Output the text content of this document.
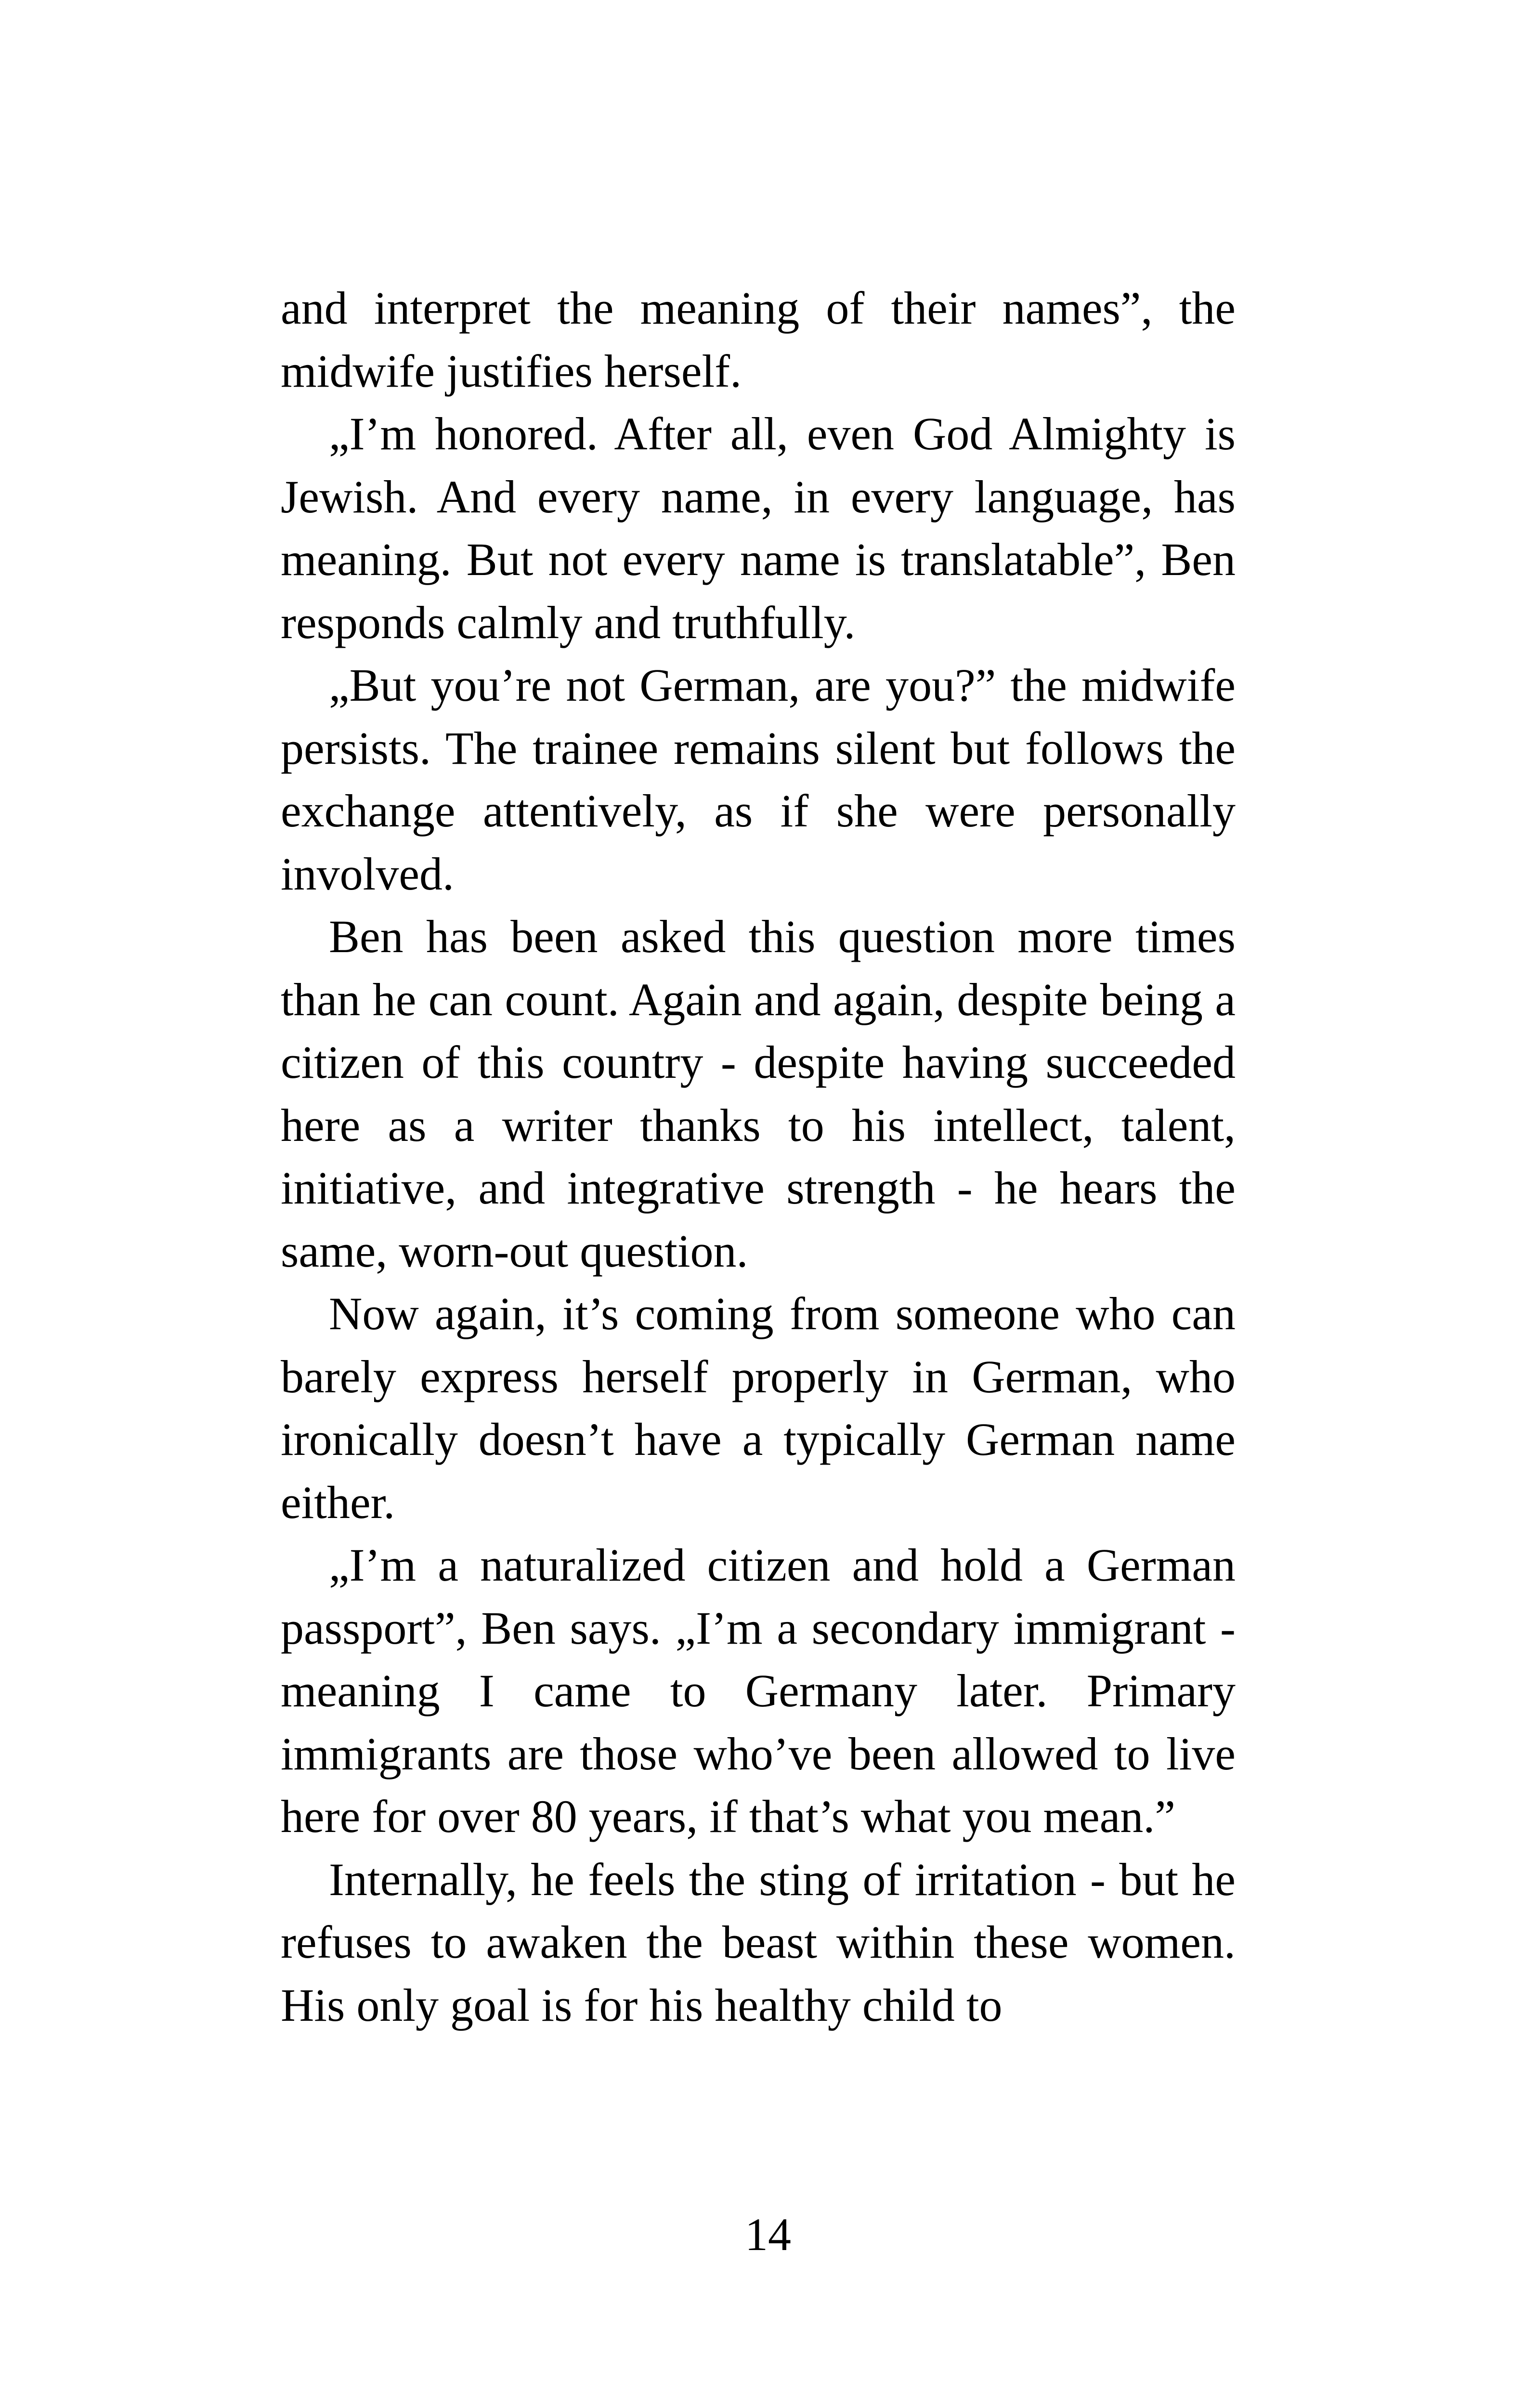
and interpret the meaning of their names”, the midwife justifies herself.

„I’m honored. After all, even God Almighty is Jewish. And every name, in every language, has meaning. But not every name is translatable”, Ben responds calmly and truthfully.

„But you’re not German, are you?” the midwife persists. The trainee remains silent but follows the exchange attentively, as if she were personally involved.

Ben has been asked this question more times than he can count. Again and again, despite being a citizen of this country - despite having succeeded here as a writer thanks to his intellect, talent, initiative, and integrative strength - he hears the same, worn-out question.

Now again, it’s coming from someone who can barely express herself properly in German, who ironically doesn’t have a typically German name either.

„I’m a naturalized citizen and hold a German passport”, Ben says. „I’m a secondary immigrant - meaning I came to Germany later. Primary immigrants are those who’ve been allowed to live here for over 80 years, if that’s what you mean.”

Internally, he feels the sting of irritation - but he refuses to awaken the beast within these women. His only goal is for his healthy child to

14
